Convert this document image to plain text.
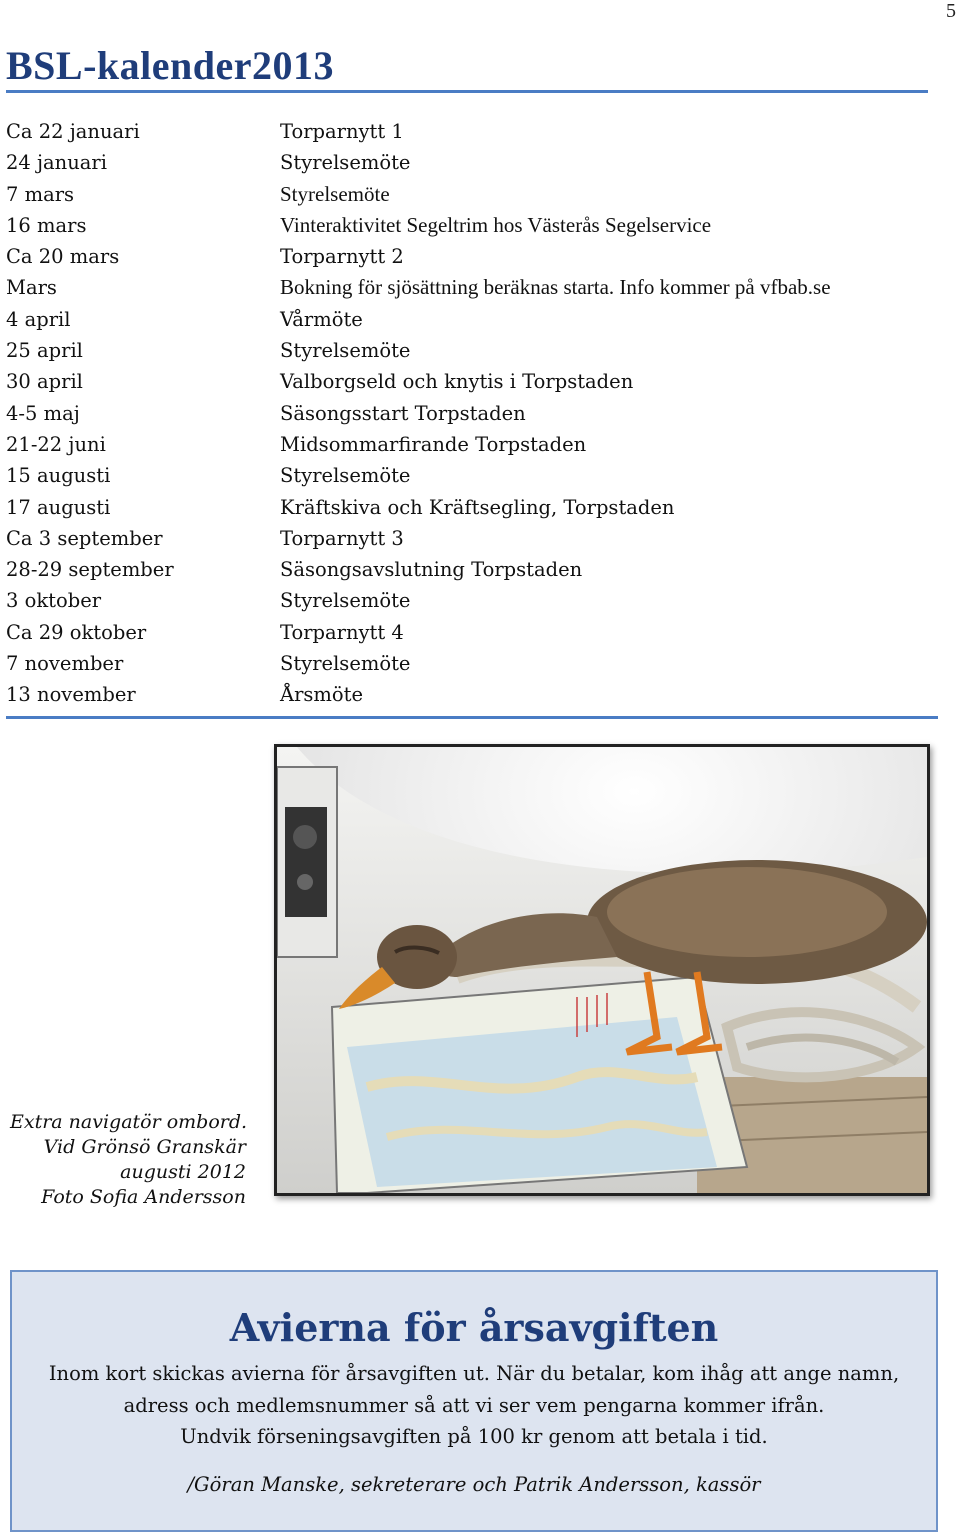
5
BSL-kalender2013
Ca 22 januari	Torparnytt 1
24 januari	Styrelsemöte
7 mars	Styrelsemöte
16 mars	Vinteraktivitet Segeltrim hos Västerås Segelservice
Ca 20 mars	Torparnytt 2
Mars	Bokning för sjösättning beräknas starta. Info kommer på vfbab.se
4 april	Vårmöte
25 april	Styrelsemöte
30 april	Valborgseld och knytis i Torpstaden
4-5 maj	Säsongsstart Torpstaden
21-22 juni	Midsommarfirande Torpstaden
15 augusti	Styrelsemöte
17 augusti	Kräftskiva och Kräftsegling, Torpstaden
Ca 3 september	Torparnytt 3
28-29 september	Säsongsavslutning Torpstaden
3 oktober	Styrelsemöte
Ca 29 oktober	Torparnytt 4
7 november	Styrelsemöte
13 november	Årsmöte
Extra navigatör ombord.
Vid Grönsö Granskär
augusti 2012
Foto Sofia Andersson
Avierna för årsavgiften
Inom kort skickas avierna för årsavgiften ut. När du betalar, kom ihåg att ange namn,
adress och medlemsnummer så att vi ser vem pengarna kommer ifrån.
Undvik förseningsavgiften på 100 kr genom att betala i tid.
/Göran Manske, sekreterare och Patrik Andersson, kassör
